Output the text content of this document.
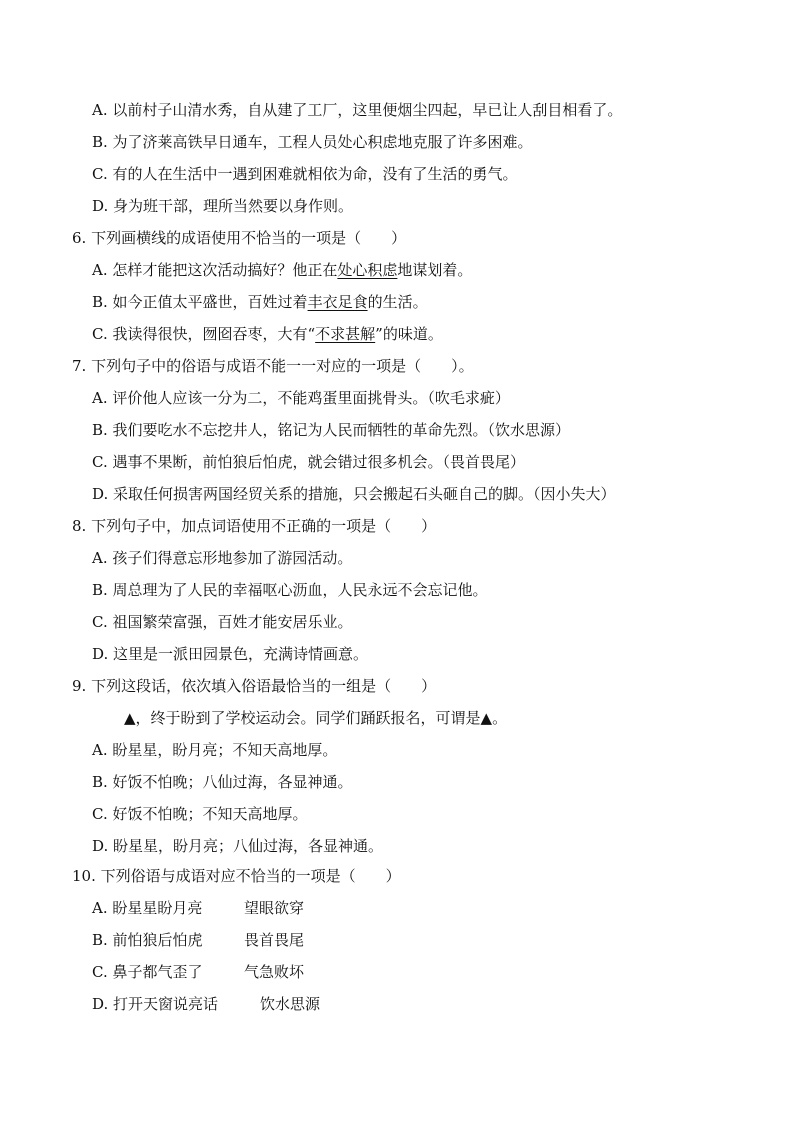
A. 以前村子山清水秀，自从建了工厂，这里便烟尘四起，早已让人刮目相看了。
B. 为了济莱高铁早日通车，工程人员处心积虑地克服了许多困难。
C. 有的人在生活中一遇到困难就相依为命，没有了生活的勇气。
D. 身为班干部，理所当然要以身作则。
6. 下列画横线的成语使用不恰当的一项是（　　）
A. 怎样才能把这次活动搞好？他正在处心积虑地谋划着。
B. 如今正值太平盛世，百姓过着丰衣足食的生活。
C. 我读得很快，囫囵吞枣，大有“不求甚解”的味道。
7. 下列句子中的俗语与成语不能一一对应的一项是（　　）。
A. 评价他人应该一分为二，不能鸡蛋里面挑骨头。（吹毛求疵）
B. 我们要吃水不忘挖井人，铭记为人民而牺牲的革命先烈。（饮水思源）
C. 遇事不果断，前怕狼后怕虎，就会错过很多机会。（畏首畏尾）
D. 采取任何损害两国经贸关系的措施，只会搬起石头砸自己的脚。（因小失大）
8. 下列句子中，加点词语使用不正确的一项是（　　）
A. 孩子们得意忘形地参加了游园活动。
B. 周总理为了人民的幸福呕心沥血，人民永远不会忘记他。
C. 祖国繁荣富强，百姓才能安居乐业。
D. 这里是一派田园景色，充满诗情画意。
9. 下列这段话，依次填入俗语最恰当的一组是（　　）
▲，终于盼到了学校运动会。同学们踊跃报名，可谓是▲。
A. 盼星星，盼月亮；不知天高地厚。
B. 好饭不怕晚；八仙过海，各显神通。
C. 好饭不怕晚；不知天高地厚。
D. 盼星星，盼月亮；八仙过海，各显神通。
10. 下列俗语与成语对应不恰当的一项是（　　）
A. 盼星星盼月亮	望眼欲穿
B. 前怕狼后怕虎	畏首畏尾
C. 鼻子都气歪了	气急败坏
D. 打开天窗说亮话	饮水思源
